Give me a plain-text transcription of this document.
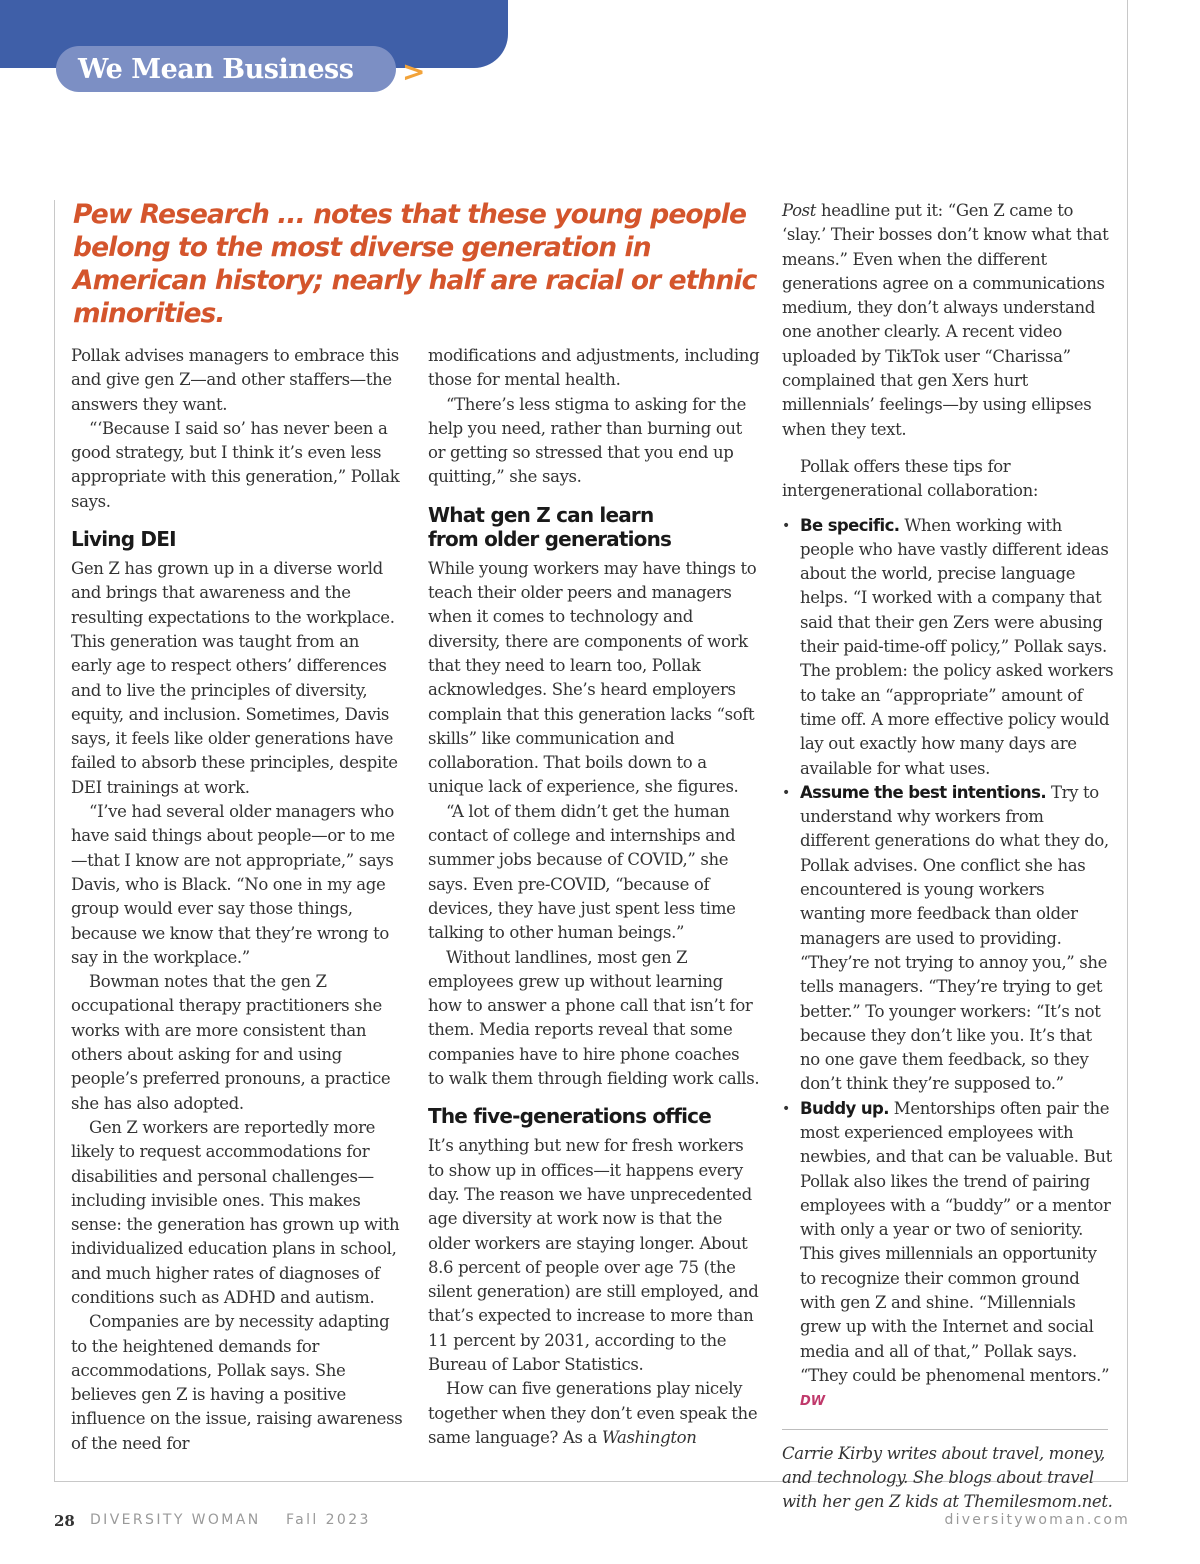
We Mean Business >

Pew Research ... notes that these young people belong to the most diverse generation in American history; nearly half are racial or ethnic minorities.

Pollak advises managers to embrace this and give gen Z—and other staffers—the answers they want.

“‘Because I said so’ has never been a good strategy, but I think it’s even less appropriate with this generation,” Pollak says.

Living DEI

Gen Z has grown up in a diverse world and brings that awareness and the resulting expectations to the workplace. This generation was taught from an early age to respect others’ differences and to live the principles of diversity, equity, and inclusion. Sometimes, Davis says, it feels like older generations have failed to absorb these principles, despite DEI trainings at work.

“I’ve had several older managers who have said things about people—or to me—that I know are not appropriate,” says Davis, who is Black. “No one in my age group would ever say those things, because we know that they’re wrong to say in the workplace.”

Bowman notes that the gen Z occupational therapy practitioners she works with are more consistent than others about asking for and using people’s preferred pronouns, a practice she has also adopted.

Gen Z workers are reportedly more likely to request accommodations for disabilities and personal challenges—including invisible ones. This makes sense: the generation has grown up with individualized education plans in school, and much higher rates of diagnoses of conditions such as ADHD and autism.

Companies are by necessity adapting to the heightened demands for accommodations, Pollak says. She believes gen Z is having a positive influence on the issue, raising awareness of the need for

modifications and adjustments, including those for mental health.

“There’s less stigma to asking for the help you need, rather than burning out or getting so stressed that you end up quitting,” she says.

What gen Z can learn
from older generations

While young workers may have things to teach their older peers and managers when it comes to technology and diversity, there are components of work that they need to learn too, Pollak acknowledges. She’s heard employers complain that this generation lacks “soft skills” like communication and collaboration. That boils down to a unique lack of experience, she figures.

“A lot of them didn’t get the human contact of college and internships and summer jobs because of COVID,” she says. Even pre-COVID, “because of devices, they have just spent less time talking to other human beings.”

Without landlines, most gen Z employees grew up without learning how to answer a phone call that isn’t for them. Media reports reveal that some companies have to hire phone coaches to walk them through fielding work calls.

The five-generations office

It’s anything but new for fresh workers to show up in offices—it happens every day. The reason we have unprecedented age diversity at work now is that the older workers are staying longer. About 8.6 percent of people over age 75 (the silent generation) are still employed, and that’s expected to increase to more than 11 percent by 2031, according to the Bureau of Labor Statistics.

How can five generations play nicely together when they don’t even speak the same language? As a Washington

Post headline put it: “Gen Z came to ‘slay.’ Their bosses don’t know what that means.” Even when the different generations agree on a communications medium, they don’t always understand one another clearly. A recent video uploaded by TikTok user “Charissa” complained that gen Xers hurt millennials’ feelings—by using ellipses when they text.

Pollak offers these tips for intergenerational collaboration:

• Be specific. When working with people who have vastly different ideas about the world, precise language helps. “I worked with a company that said that their gen Zers were abusing their paid-time-off policy,” Pollak says. The problem: the policy asked workers to take an “appropriate” amount of time off. A more effective policy would lay out exactly how many days are available for what uses.
• Assume the best intentions. Try to understand why workers from different generations do what they do, Pollak advises. One conflict she has encountered is young workers wanting more feedback than older managers are used to providing. “They’re not trying to annoy you,” she tells managers. “They’re trying to get better.” To younger workers: “It’s not because they don’t like you. It’s that no one gave them feedback, so they don’t think they’re supposed to.”
• Buddy up. Mentorships often pair the most experienced employees with newbies, and that can be valuable. But Pollak also likes the trend of pairing employees with a “buddy” or a mentor with only a year or two of seniority. This gives millennials an opportunity to recognize their common ground with gen Z and shine. “Millennials grew up with the Internet and social media and all of that,” Pollak says. “They could be phenomenal mentors.” DW

Carrie Kirby writes about travel, money, and technology. She blogs about travel with her gen Z kids at Themilesmom.net.

28 DIVERSITY WOMAN Fall 2023	diversitywoman.com
